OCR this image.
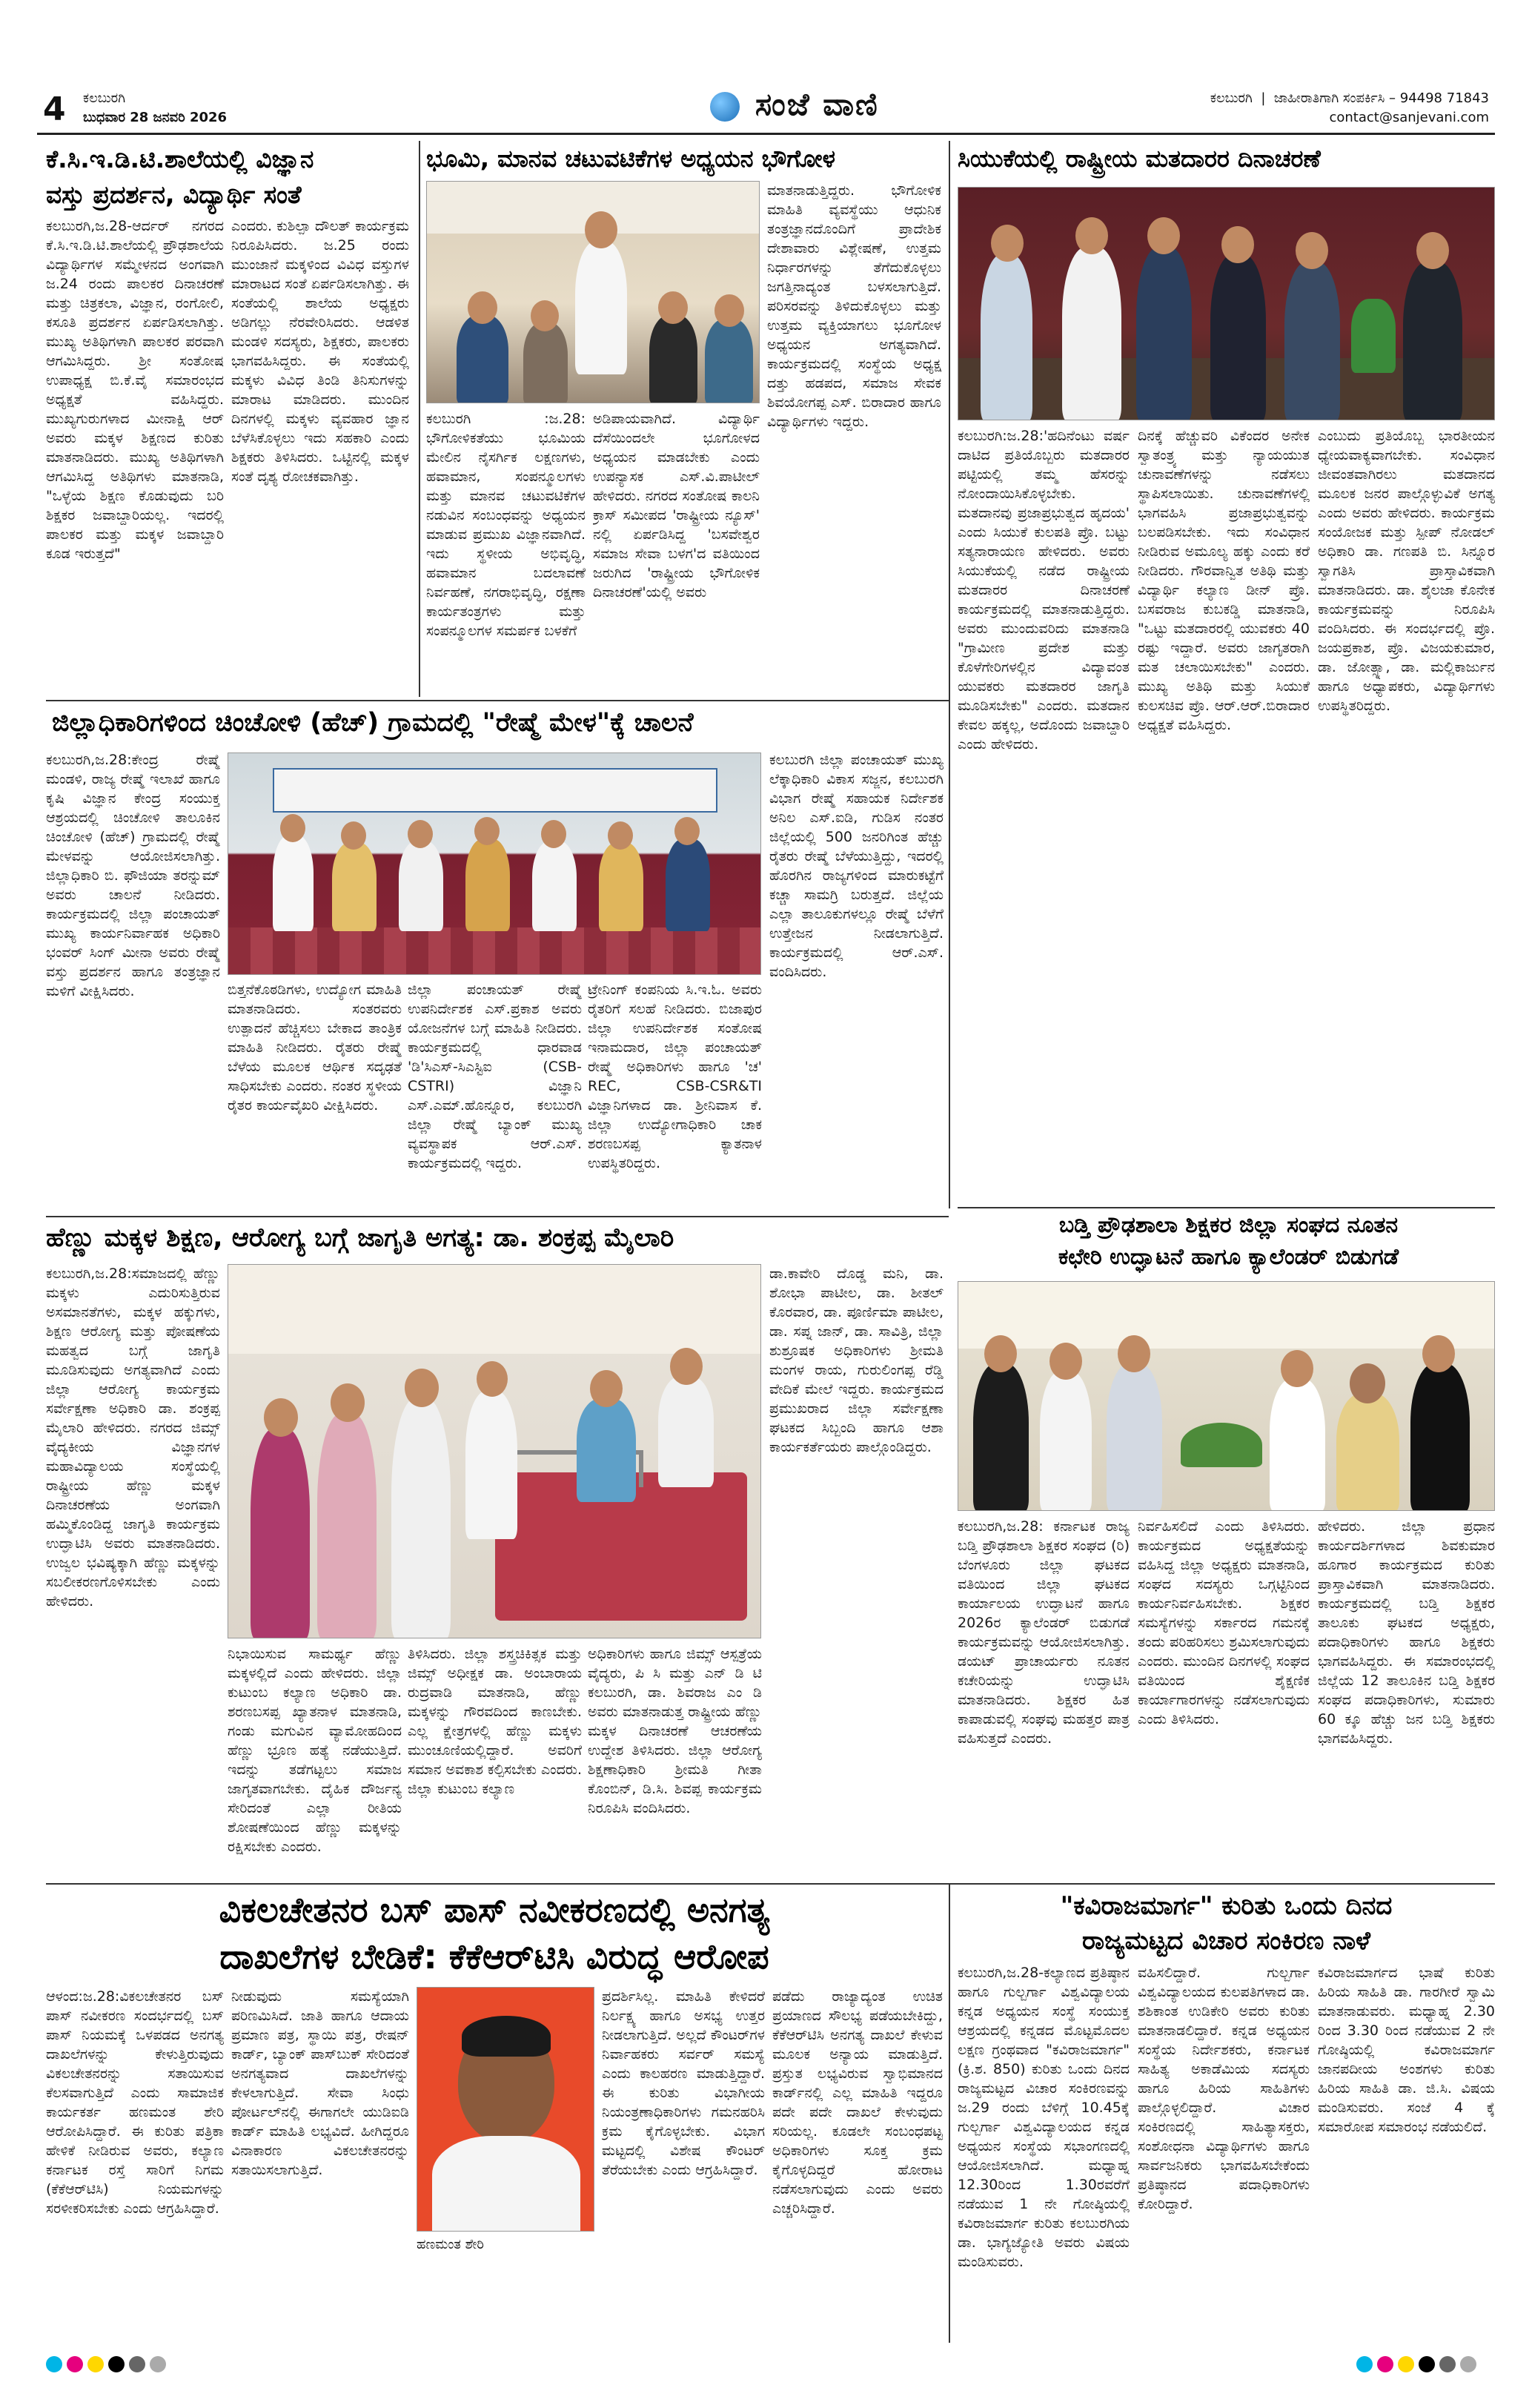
4 ಕಲಬುರಗಿ
ಬುಧವಾರ 28 ಜನವರಿ 2026	ಸಂಜೆ ವಾಣಿ	ಕಲಬುರಗಿ  |  ಜಾಹೀರಾತಿಗಾಗಿ ಸಂಪರ್ಕಿಸಿ – 94498 71843
contact@sanjevani.com
ಕೆ.ಸಿ.ಇ.ಡಿ.ಟಿ.ಶಾಲೆಯಲ್ಲಿ ವಿಜ್ಞಾನ
ವಸ್ತು ಪ್ರದರ್ಶನ, ವಿದ್ಯಾರ್ಥಿ ಸಂತೆ
ಕಲಬುರಗಿ,ಜ.28-ಆರ್ದರ್ ನಗರದ ಕೆ.ಸಿ.ಇ.ಡಿ.ಟಿ.ಶಾಲೆಯಲ್ಲಿ ಪ್ರೌಢಶಾಲೆಯ ವಿದ್ಯಾರ್ಥಿಗಳ ಸಮ್ಮೇಳನದ ಅಂಗವಾಗಿ ಜ.24 ರಂದು ಪಾಲಕರ ದಿನಾಚರಣೆ ಮತ್ತು ಚಿತ್ರಕಲಾ, ವಿಜ್ಞಾನ, ರಂಗೋಲಿ, ಕಸೂತಿ ಪ್ರದರ್ಶನ ಏರ್ಪಡಿಸಲಾಗಿತ್ತು. ಮುಖ್ಯ ಅತಿಥಿಗಳಾಗಿ ಪಾಲಕರ ಪರವಾಗಿ ಆಗಮಿಸಿದ್ದರು. ಶ್ರೀ ಸಂತೋಷ ಉಪಾಧ್ಯಕ್ಷ ಬಿ.ಕೆ.ವೈ ಸಮಾರಂಭದ ಅಧ್ಯಕ್ಷತೆ ವಹಿಸಿದ್ದರು. ಮುಖ್ಯಗುರುಗಳಾದ ಮೀನಾಕ್ಷಿ ಆರ್ ಅವರು ಮಕ್ಕಳ ಶಿಕ್ಷಣದ ಕುರಿತು ಮಾತನಾಡಿದರು. ಮುಖ್ಯ ಅತಿಥಿಗಳಾಗಿ ಆಗಮಿಸಿದ್ದ ಅತಿಥಿಗಳು ಮಾತನಾಡಿ, "ಒಳ್ಳೆಯ ಶಿಕ್ಷಣ ಕೊಡುವುದು ಬರಿ ಶಿಕ್ಷಕರ ಜವಾಬ್ದಾರಿಯಲ್ಲ. ಇದರಲ್ಲಿ ಪಾಲಕರ ಮತ್ತು ಮಕ್ಕಳ ಜವಾಬ್ದಾರಿ ಕೂಡ ಇರುತ್ತದೆ"
ಎಂದರು. ಕುಶಿಲ್ಪಾ ದೌಲತ್ ಕಾರ್ಯಕ್ರಮ ನಿರೂಪಿಸಿದರು. ಜ.25 ರಂದು ಮುಂಜಾನೆ ಮಕ್ಕಳಿಂದ ವಿವಿಧ ವಸ್ತುಗಳ ಮಾರಾಟದ ಸಂತೆ ಏರ್ಪಡಿಸಲಾಗಿತ್ತು. ಈ ಸಂತೆಯಲ್ಲಿ ಶಾಲೆಯ ಅಧ್ಯಕ್ಷರು ಅಡಿಗಲ್ಲು ನೆರವೇರಿಸಿದರು. ಆಡಳಿತ ಮಂಡಳಿ ಸದಸ್ಯರು, ಶಿಕ್ಷಕರು, ಪಾಲಕರು ಭಾಗವಹಿಸಿದ್ದರು. ಈ ಸಂತೆಯಲ್ಲಿ ಮಕ್ಕಳು ವಿವಿಧ ತಿಂಡಿ ತಿನಿಸುಗಳನ್ನು ಮಾರಾಟ ಮಾಡಿದರು. ಮುಂದಿನ ದಿನಗಳಲ್ಲಿ ಮಕ್ಕಳು ವ್ಯವಹಾರ ಜ್ಞಾನ ಬೆಳೆಸಿಕೊಳ್ಳಲು ಇದು ಸಹಕಾರಿ ಎಂದು ಶಿಕ್ಷಕರು ತಿಳಿಸಿದರು. ಒಟ್ಟಿನಲ್ಲಿ ಮಕ್ಕಳ ಸಂತೆ ದೃಶ್ಯ ರೋಚಕವಾಗಿತ್ತು.
ಭೂಮಿ, ಮಾನವ ಚಟುವಟಿಕೆಗಳ ಅಧ್ಯಯನ ಭೌಗೋಳ
ಕಲಬುರಗಿ :ಜ.28: ಭೌಗೋಳಿಕತೆಯು ಭೂಮಿಯ ಮೇಲಿನ ನೈಸರ್ಗಿಕ ಲಕ್ಷಣಗಳು, ಹವಾಮಾನ, ಸಂಪನ್ಮೂಲಗಳು ಮತ್ತು ಮಾನವ ಚಟುವಟಿಕೆಗಳ ನಡುವಿನ ಸಂಬಂಧವನ್ನು ಅಧ್ಯಯನ ಮಾಡುವ ಪ್ರಮುಖ ವಿಜ್ಞಾನವಾಗಿದೆ. ಇದು ಸ್ಥಳೀಯ ಅಭಿವೃದ್ಧಿ, ಹವಾಮಾನ ಬದಲಾವಣೆ ನಿರ್ವಹಣೆ, ನಗರಾಭಿವೃದ್ಧಿ, ರಕ್ಷಣಾ ಕಾರ್ಯತಂತ್ರಗಳು ಮತ್ತು ಸಂಪನ್ಮೂಲಗಳ ಸಮರ್ಪಕ ಬಳಕೆಗೆ
ಅಡಿಪಾಯವಾಗಿದೆ. ವಿದ್ಯಾರ್ಥಿ ದೆಸೆಯಿಂದಲೇ ಭೂಗೋಳದ ಅಧ್ಯಯನ ಮಾಡಬೇಕು ಎಂದು ಉಪನ್ಯಾಸಕ ಎಸ್.ವಿ.ಪಾಟೀಲ್ ಹೇಳಿದರು. ನಗರದ ಸಂತೋಷ ಕಾಲನಿ ಕ್ರಾಸ್ ಸಮೀಪದ 'ರಾಷ್ಟ್ರೀಯ ನ್ಯೂಸ್' ನಲ್ಲಿ ಏರ್ಪಡಿಸಿದ್ದ 'ಬಸವೇಶ್ವರ ಸಮಾಜ ಸೇವಾ ಬಳಗ'ದ ವತಿಯಿಂದ ಜರುಗಿದ 'ರಾಷ್ಟ್ರೀಯ ಭೌಗೋಳಿಕ ದಿನಾಚರಣೆ'ಯಲ್ಲಿ ಅವರು
ಮಾತನಾಡುತ್ತಿದ್ದರು. ಭೌಗೋಳಿಕ ಮಾಹಿತಿ ವ್ಯವಸ್ಥೆಯು ಆಧುನಿಕ ತಂತ್ರಜ್ಞಾನದೊಂದಿಗೆ ಪ್ರಾದೇಶಿಕ ದೇಶಾವಾರು ವಿಶ್ಲೇಷಣೆ, ಉತ್ತಮ ನಿರ್ಧಾರಗಳನ್ನು ತೆಗೆದುಕೊಳ್ಳಲು ಜಗತ್ತಿನಾದ್ಯಂತ ಬಳಸಲಾಗುತ್ತಿದೆ. ಪರಿಸರವನ್ನು ತಿಳಿದುಕೊಳ್ಳಲು ಮತ್ತು ಉತ್ತಮ ವ್ಯಕ್ತಿಯಾಗಲು ಭೂಗೋಳ ಅಧ್ಯಯನ ಅಗತ್ಯವಾಗಿದೆ. ಕಾರ್ಯಕ್ರಮದಲ್ಲಿ ಸಂಸ್ಥೆಯ ಅಧ್ಯಕ್ಷ ದತ್ತು ಹಡಪದ, ಸಮಾಜ ಸೇವಕ ಶಿವಯೋಗಪ್ಪ ಎಸ್. ಬಿರಾದಾರ ಹಾಗೂ ವಿದ್ಯಾರ್ಥಿಗಳು ಇದ್ದರು.
ಸಿಯುಕೆಯಲ್ಲಿ ರಾಷ್ಟ್ರೀಯ ಮತದಾರರ ದಿನಾಚರಣೆ
ಕಲಬುರಗಿ:ಜ.28:'ಹದಿನೆಂಟು ವರ್ಷ ದಾಟಿದ ಪ್ರತಿಯೊಬ್ಬರು ಮತದಾರರ ಪಟ್ಟಿಯಲ್ಲಿ ತಮ್ಮ ಹೆಸರನ್ನು ನೋಂದಾಯಿಸಿಕೊಳ್ಳಬೇಕು. ಮತದಾನವು ಪ್ರಜಾಪ್ರಭುತ್ವದ ಹೃದಯ' ಎಂದು ಸಿಯುಕೆ ಕುಲಪತಿ ಪ್ರೊ. ಬಟ್ಟು ಸತ್ಯನಾರಾಯಣ ಹೇಳಿದರು. ಅವರು ಸಿಯುಕೆಯಲ್ಲಿ ನಡೆದ ರಾಷ್ಟ್ರೀಯ ಮತದಾರರ ದಿನಾಚರಣೆ ಕಾರ್ಯಕ್ರಮದಲ್ಲಿ ಮಾತನಾಡುತ್ತಿದ್ದರು. ಅವರು ಮುಂದುವರಿದು ಮಾತನಾಡಿ "ಗ್ರಾಮೀಣ ಪ್ರದೇಶ ಮತ್ತು ಕೊಳೆಗೇರಿಗಳಲ್ಲಿನ ವಿದ್ಯಾವಂತ ಯುವಕರು ಮತದಾರರ ಜಾಗೃತಿ ಮೂಡಿಸಬೇಕು" ಎಂದರು. ಮತದಾನ ಕೇವಲ ಹಕ್ಕಲ್ಲ, ಅದೊಂದು ಜವಾಬ್ದಾರಿ ಎಂದು ಹೇಳಿದರು.
ದಿನಕ್ಕೆ ಹೆಚ್ಚುವರಿ ವಿಕೆಂದರ ಅನೇಕ ಸ್ವಾತಂತ್ರ್ಯ ಮತ್ತು ನ್ಯಾಯಯುತ ಚುನಾವಣೆಗಳನ್ನು ನಡೆಸಲು ಸ್ಥಾಪಿಸಲಾಯಿತು. ಚುನಾವಣೆಗಳಲ್ಲಿ ಭಾಗವಹಿಸಿ ಪ್ರಜಾಪ್ರಭುತ್ವವನ್ನು ಬಲಪಡಿಸಬೇಕು. ಇದು ಸಂವಿಧಾನ ನೀಡಿರುವ ಅಮೂಲ್ಯ ಹಕ್ಕು ಎಂದು ಕರೆ ನೀಡಿದರು. ಗೌರವಾನ್ವಿತ ಅತಿಥಿ ಮತ್ತು ವಿದ್ಯಾರ್ಥಿ ಕಲ್ಯಾಣ ಡೀನ್ ಪ್ರೊ. ಬಸವರಾಜ ಕುಬಕಡ್ಡಿ ಮಾತನಾಡಿ, "ಒಟ್ಟು ಮತದಾರರಲ್ಲಿ ಯುವಕರು 40 ರಷ್ಟು ಇದ್ದಾರೆ. ಅವರು ಜಾಗೃತರಾಗಿ ಮತ ಚಲಾಯಿಸಬೇಕು" ಎಂದರು. ಮುಖ್ಯ ಅತಿಥಿ ಮತ್ತು ಸಿಯುಕೆ ಕುಲಸಚಿವ ಪ್ರೊ. ಆರ್.ಆರ್.ಬಿರಾದಾರ ಅಧ್ಯಕ್ಷತೆ ವಹಿಸಿದ್ದರು.
ಎಂಬುದು ಪ್ರತಿಯೊಬ್ಬ ಭಾರತೀಯನ ಧ್ಯೇಯವಾಕ್ಯವಾಗಬೇಕು. ಸಂವಿಧಾನ ಜೀವಂತವಾಗಿರಲು ಮತದಾನದ ಮೂಲಕ ಜನರ ಪಾಲ್ಗೊಳ್ಳುವಿಕೆ ಅಗತ್ಯ ಎಂದು ಅವರು ಹೇಳಿದರು. ಕಾರ್ಯಕ್ರಮ ಸಂಯೋಜಕ ಮತ್ತು ಸ್ಪೀಪ್ ನೋಡಲ್ ಅಧಿಕಾರಿ ಡಾ. ಗಣಪತಿ ಬಿ. ಸಿನ್ನೂರ ಸ್ವಾಗತಿಸಿ ಪ್ರಾಸ್ತಾವಿಕವಾಗಿ ಮಾತನಾಡಿದರು. ಡಾ. ಶೈಲಜಾ ಕೊನೇಕ ಕಾರ್ಯಕ್ರಮವನ್ನು ನಿರೂಪಿಸಿ ವಂದಿಸಿದರು. ಈ ಸಂದರ್ಭದಲ್ಲಿ ಪ್ರೊ. ಜಯಪ್ರಕಾಶ, ಪ್ರೊ. ವಿಜಯಕುಮಾರ, ಡಾ. ಜೋತ್ಸ್ನಾ, ಡಾ. ಮಲ್ಲಿಕಾರ್ಜುನ ಹಾಗೂ ಅಧ್ಯಾಪಕರು, ವಿದ್ಯಾರ್ಥಿಗಳು ಉಪಸ್ಥಿತರಿದ್ದರು.
ಜಿಲ್ಲಾಧಿಕಾರಿಗಳಿಂದ ಚಿಂಚೋಳಿ (ಹೆಚ್) ಗ್ರಾಮದಲ್ಲಿ "ರೇಷ್ಮೆ ಮೇಳ"ಕ್ಕೆ ಚಾಲನೆ
ಕಲಬುರಗಿ,ಜ.28:ಕೇಂದ್ರ ರೇಷ್ಮೆ ಮಂಡಳಿ, ರಾಜ್ಯ ರೇಷ್ಮೆ ಇಲಾಖೆ ಹಾಗೂ ಕೃಷಿ ವಿಜ್ಞಾನ ಕೇಂದ್ರ ಸಂಯುಕ್ತ ಆಶ್ರಯದಲ್ಲಿ ಚಿಂಚೋಳಿ ತಾಲೂಕಿನ ಚಿಂಚೋಳಿ (ಹೆಚ್) ಗ್ರಾಮದಲ್ಲಿ ರೇಷ್ಮೆ ಮೇಳವನ್ನು ಆಯೋಜಿಸಲಾಗಿತ್ತು. ಜಿಲ್ಲಾಧಿಕಾರಿ ಬಿ. ಫೌಜಿಯಾ ತರನ್ನುಮ್ ಅವರು ಚಾಲನೆ ನೀಡಿದರು. ಕಾರ್ಯಕ್ರಮದಲ್ಲಿ ಜಿಲ್ಲಾ ಪಂಚಾಯತ್ ಮುಖ್ಯ ಕಾರ್ಯನಿರ್ವಾಹಕ ಅಧಿಕಾರಿ ಭಂವರ್ ಸಿಂಗ್ ಮೀನಾ ಅವರು ರೇಷ್ಮೆ ವಸ್ತು ಪ್ರದರ್ಶನ ಹಾಗೂ ತಂತ್ರಜ್ಞಾನ ಮಳಿಗೆ ವೀಕ್ಷಿಸಿದರು.	ಬಿತ್ತನೆಕೊಠಡಿಗಳು, ಉದ್ಯೋಗ ಮಾಹಿತಿ ಮಾತನಾಡಿದರು. ಸಂತರವರು ಉತ್ಪಾದನೆ ಹೆಚ್ಚಿಸಲು ಬೇಕಾದ ತಾಂತ್ರಿಕ ಮಾಹಿತಿ ನೀಡಿದರು. ರೈತರು ರೇಷ್ಮೆ ಬೆಳೆಯ ಮೂಲಕ ಆರ್ಥಿಕ ಸದೃಢತೆ ಸಾಧಿಸಬೇಕು ಎಂದರು. ನಂತರ ಸ್ಥಳೀಯ ರೈತರ ಕಾರ್ಯವೈಖರಿ ವೀಕ್ಷಿಸಿದರು.
ಜಿಲ್ಲಾ ಪಂಚಾಯತ್ ರೇಷ್ಮೆ ಉಪನಿರ್ದೇಶಕ ಎಸ್.ಪ್ರಕಾಶ ಅವರು ಯೋಜನೆಗಳ ಬಗ್ಗೆ ಮಾಹಿತಿ ನೀಡಿದರು. ಕಾರ್ಯಕ್ರಮದಲ್ಲಿ ಧಾರವಾಡ 'ಡಿ'ಸಿಎಸ್-ಸಿಎಸ್ಟಿಐ (CSB-CSTRI) ವಿಜ್ಞಾನಿ ಎಸ್.ಎಮ್.ಹೊನ್ನೂರ, ಕಲಬುರಗಿ ಜಿಲ್ಲಾ ರೇಷ್ಮೆ ಬ್ಯಾಂಕ್ ಮುಖ್ಯ ವ್ಯವಸ್ಥಾಪಕ ಆರ್.ಎಸ್. ಕಾರ್ಯಕ್ರಮದಲ್ಲಿ ಇದ್ದರು.
ಟ್ರೇನಿಂಗ್ ಕಂಪನಿಯ ಸಿ.ಇ.ಓ. ಅವರು ರೈತರಿಗೆ ಸಲಹೆ ನೀಡಿದರು. ಬಿಜಾಪುರ ಜಿಲ್ಲಾ ಉಪನಿರ್ದೇಶಕ ಸಂತೋಷ ಇನಾಮದಾರ, ಜಿಲ್ಲಾ ಪಂಚಾಯತ್ ರೇಷ್ಮೆ ಅಧಿಕಾರಿಗಳು ಹಾಗೂ 'ಚ' REC, CSB-CSR&TI ವಿಜ್ಞಾನಿಗಳಾದ ಡಾ. ಶ್ರೀನಿವಾಸ ಕೆ. ಜಿಲ್ಲಾ ಉದ್ಯೋಗಾಧಿಕಾರಿ ಚಾಕ ಶರಣಬಸಪ್ಪ ಕ್ಯಾತನಾಳ ಉಪಸ್ಥಿತರಿದ್ದರು.
ಕಲಬುರಗಿ ಜಿಲ್ಲಾ ಪಂಚಾಯತ್ ಮುಖ್ಯ ಲೆಕ್ಕಾಧಿಕಾರಿ ವಿಕಾಸ ಸಜ್ಜನ, ಕಲಬುರಗಿ ವಿಭಾಗ ರೇಷ್ಮೆ ಸಹಾಯಕ ನಿರ್ದೇಶಕ ಅನಿಲ ಎಸ್.ಐಡಿ, ಗುಡಿಸ ನಂತರ ಜಿಲ್ಲೆಯಲ್ಲಿ 500 ಜನರಿಗಿಂತ ಹೆಚ್ಚು ರೈತರು ರೇಷ್ಮೆ ಬೆಳೆಯುತ್ತಿದ್ದು, ಇದರಲ್ಲಿ ಹೊರಗಿನ ರಾಜ್ಯಗಳಿಂದ ಮಾರುಕಟ್ಟೆಗೆ ಕಚ್ಚಾ ಸಾಮಗ್ರಿ ಬರುತ್ತದೆ. ಜಿಲ್ಲೆಯ ಎಲ್ಲಾ ತಾಲೂಕುಗಳಲ್ಲೂ ರೇಷ್ಮೆ ಬೆಳೆಗೆ ಉತ್ತೇಜನ ನೀಡಲಾಗುತ್ತಿದೆ. ಕಾರ್ಯಕ್ರಮದಲ್ಲಿ ಆರ್.ಎಸ್. ವಂದಿಸಿದರು.
ಬಡ್ತಿ ಪ್ರೌಢಶಾಲಾ ಶಿಕ್ಷಕರ ಜಿಲ್ಲಾ ಸಂಘದ ನೂತನ
ಕಛೇರಿ ಉದ್ಘಾಟನೆ ಹಾಗೂ ಕ್ಯಾಲೆಂಡರ್ ಬಿಡುಗಡೆ
ಕಲಬುರಗಿ,ಜ.28: ಕರ್ನಾಟಕ ರಾಜ್ಯ ಬಡ್ತಿ ಪ್ರೌಢಶಾಲಾ ಶಿಕ್ಷಕರ ಸಂಘದ (ರಿ) ಬೆಂಗಳೂರು ಜಿಲ್ಲಾ ಘಟಕದ ವತಿಯಿಂದ ಜಿಲ್ಲಾ ಘಟಕದ ಕಾರ್ಯಾಲಯ ಉದ್ಘಾಟನೆ ಹಾಗೂ 2026ರ ಕ್ಯಾಲೆಂಡರ್ ಬಿಡುಗಡೆ ಕಾರ್ಯಕ್ರಮವನ್ನು ಆಯೋಜಿಸಲಾಗಿತ್ತು. ಡಯಟ್ ಪ್ರಾಚಾರ್ಯರು ನೂತನ ಕಚೇರಿಯನ್ನು ಉದ್ಘಾಟಿಸಿ ಮಾತನಾಡಿದರು. ಶಿಕ್ಷಕರ ಹಿತ ಕಾಪಾಡುವಲ್ಲಿ ಸಂಘವು ಮಹತ್ತರ ಪಾತ್ರ ವಹಿಸುತ್ತದೆ ಎಂದರು.
ನಿರ್ವಹಿಸಲಿದೆ ಎಂದು ತಿಳಿಸಿದರು. ಕಾರ್ಯಕ್ರಮದ ಅಧ್ಯಕ್ಷತೆಯನ್ನು ವಹಿಸಿದ್ದ ಜಿಲ್ಲಾ ಅಧ್ಯಕ್ಷರು ಮಾತನಾಡಿ, ಸಂಘದ ಸದಸ್ಯರು ಒಗ್ಗಟ್ಟಿನಿಂದ ಕಾರ್ಯನಿರ್ವಹಿಸಬೇಕು. ಶಿಕ್ಷಕರ ಸಮಸ್ಯೆಗಳನ್ನು ಸರ್ಕಾರದ ಗಮನಕ್ಕೆ ತಂದು ಪರಿಹರಿಸಲು ಶ್ರಮಿಸಲಾಗುವುದು ಎಂದರು. ಮುಂದಿನ ದಿನಗಳಲ್ಲಿ ಸಂಘದ ವತಿಯಿಂದ ಶೈಕ್ಷಣಿಕ ಕಾರ್ಯಾಗಾರಗಳನ್ನು ನಡೆಸಲಾಗುವುದು ಎಂದು ತಿಳಿಸಿದರು.
ಹೇಳಿದರು. ಜಿಲ್ಲಾ ಪ್ರಧಾನ ಕಾರ್ಯದರ್ಶಿಗಳಾದ ಶಿವಕುಮಾರ ಹೂಗಾರ ಕಾರ್ಯಕ್ರಮದ ಕುರಿತು ಪ್ರಾಸ್ತಾವಿಕವಾಗಿ ಮಾತನಾಡಿದರು. ಕಾರ್ಯಕ್ರಮದಲ್ಲಿ ಬಡ್ತಿ ಶಿಕ್ಷಕರ ತಾಲೂಕು ಘಟಕದ ಅಧ್ಯಕ್ಷರು, ಪದಾಧಿಕಾರಿಗಳು ಹಾಗೂ ಶಿಕ್ಷಕರು ಭಾಗವಹಿಸಿದ್ದರು. ಈ ಸಮಾರಂಭದಲ್ಲಿ ಜಿಲ್ಲೆಯ 12 ತಾಲೂಕಿನ ಬಡ್ತಿ ಶಿಕ್ಷಕರ ಸಂಘದ ಪದಾಧಿಕಾರಿಗಳು, ಸುಮಾರು 60 ಕ್ಕೂ ಹೆಚ್ಚು ಜನ ಬಡ್ತಿ ಶಿಕ್ಷಕರು ಭಾಗವಹಿಸಿದ್ದರು.
ಹೆಣ್ಣು ಮಕ್ಕಳ ಶಿಕ್ಷಣ, ಆರೋಗ್ಯ ಬಗ್ಗೆ ಜಾಗೃತಿ ಅಗತ್ಯ: ಡಾ. ಶಂಕ್ರಪ್ಪ ಮೈಲಾರಿ
ಕಲಬುರಗಿ,ಜ.28:ಸಮಾಜದಲ್ಲಿ ಹೆಣ್ಣು ಮಕ್ಕಳು ಎದುರಿಸುತ್ತಿರುವ ಅಸಮಾನತೆಗಳು, ಮಕ್ಕಳ ಹಕ್ಕುಗಳು, ಶಿಕ್ಷಣ ಆರೋಗ್ಯ ಮತ್ತು ಪೋಷಣೆಯ ಮಹತ್ವದ ಬಗ್ಗೆ ಜಾಗೃತಿ ಮೂಡಿಸುವುದು ಅಗತ್ಯವಾಗಿದೆ ಎಂದು ಜಿಲ್ಲಾ ಆರೋಗ್ಯ ಕಾರ್ಯಕ್ರಮ ಸರ್ವೇಕ್ಷಣಾ ಅಧಿಕಾರಿ ಡಾ. ಶಂಕ್ರಪ್ಪ ಮೈಲಾರಿ ಹೇಳಿದರು. ನಗರದ ಜಿಮ್ಸ್ ವೈದ್ಯಕೀಯ ವಿಜ್ಞಾನಗಳ ಮಹಾವಿದ್ಯಾಲಯ ಸಂಸ್ಥೆಯಲ್ಲಿ ರಾಷ್ಟ್ರೀಯ ಹೆಣ್ಣು ಮಕ್ಕಳ ದಿನಾಚರಣೆಯ ಅಂಗವಾಗಿ ಹಮ್ಮಿಕೊಂಡಿದ್ದ ಜಾಗೃತಿ ಕಾರ್ಯಕ್ರಮ ಉದ್ಘಾಟಿಸಿ ಅವರು ಮಾತನಾಡಿದರು. ಉಜ್ವಲ ಭವಿಷ್ಯಕ್ಕಾಗಿ ಹೆಣ್ಣು ಮಕ್ಕಳನ್ನು ಸಬಲೀಕರಣಗೊಳಿಸಬೇಕು ಎಂದು ಹೇಳಿದರು.
ನಿಭಾಯಿಸುವ ಸಾಮರ್ಥ್ಯ ಹೆಣ್ಣು ಮಕ್ಕಳಲ್ಲಿದೆ ಎಂದು ಹೇಳಿದರು. ಜಿಲ್ಲಾ ಕುಟುಂಬ ಕಲ್ಯಾಣ ಅಧಿಕಾರಿ ಡಾ. ಶರಣಬಸಪ್ಪ ಖ್ಯಾತನಾಳ ಮಾತನಾಡಿ, ಗಂಡು ಮಗುವಿನ ವ್ಯಾಮೋಹದಿಂದ ಹೆಣ್ಣು ಭ್ರೂಣ ಹತ್ಯೆ ನಡೆಯುತ್ತಿದೆ. ಇದನ್ನು ತಡೆಗಟ್ಟಲು ಸಮಾಜ ಜಾಗೃತವಾಗಬೇಕು. ದೈಹಿಕ ದೌರ್ಜನ್ಯ ಸೇರಿದಂತೆ ಎಲ್ಲಾ ರೀತಿಯ ಶೋಷಣೆಯಿಂದ ಹೆಣ್ಣು ಮಕ್ಕಳನ್ನು ರಕ್ಷಿಸಬೇಕು ಎಂದರು.
ತಿಳಿಸಿದರು. ಜಿಲ್ಲಾ ಶಸ್ತ್ರಚಿಕಿತ್ಸಕ ಮತ್ತು ಜಿಮ್ಸ್ ಅಧೀಕ್ಷಕ ಡಾ. ಅಂಬಾರಾಯ ರುದ್ರವಾಡಿ ಮಾತನಾಡಿ, ಹೆಣ್ಣು ಮಕ್ಕಳನ್ನು ಗೌರವದಿಂದ ಕಾಣಬೇಕು. ಎಲ್ಲ ಕ್ಷೇತ್ರಗಳಲ್ಲಿ ಹೆಣ್ಣು ಮಕ್ಕಳು ಮುಂಚೂಣಿಯಲ್ಲಿದ್ದಾರೆ. ಅವರಿಗೆ ಸಮಾನ ಅವಕಾಶ ಕಲ್ಪಿಸಬೇಕು ಎಂದರು. ಜಿಲ್ಲಾ ಕುಟುಂಬ ಕಲ್ಯಾಣ
ಅಧಿಕಾರಿಗಳು ಹಾಗೂ ಜಿಮ್ಸ್ ಆಸ್ಪತ್ರೆಯ ವೈದ್ಯರು, ಪಿ ಸಿ ಮತ್ತು ಎನ್ ಡಿ ಟಿ ಕಲಬುರಗಿ, ಡಾ. ಶಿವರಾಜ ಎಂ ಡಿ ಅವರು ಮಾತನಾಡುತ್ತ ರಾಷ್ಟ್ರೀಯ ಹೆಣ್ಣು ಮಕ್ಕಳ ದಿನಾಚರಣೆ ಆಚರಣೆಯ ಉದ್ದೇಶ ತಿಳಿಸಿದರು. ಜಿಲ್ಲಾ ಆರೋಗ್ಯ ಶಿಕ್ಷಣಾಧಿಕಾರಿ ಶ್ರೀಮತಿ ಗೀತಾ ಕೊಂಬಿನ್, ಡಿ.ಸಿ. ಶಿವಪ್ಪ ಕಾರ್ಯಕ್ರಮ ನಿರೂಪಿಸಿ ವಂದಿಸಿದರು.
ಡಾ.ಕಾವೇರಿ ದೊಡ್ಡ ಮನಿ, ಡಾ. ಶೋಭಾ ಪಾಟೀಲ, ಡಾ. ಶೀತಲ್ ಕೊರವಾರ, ಡಾ. ಪೂರ್ಣಿಮಾ ಪಾಟೀಲ, ಡಾ. ಸಪ್ನ ಜಾನ್, ಡಾ. ಸಾವಿತ್ರಿ, ಜಿಲ್ಲಾ ಶುಶ್ರೂಷಕ ಅಧಿಕಾರಿಗಳು ಶ್ರೀಮತಿ ಮಂಗಳ ರಾಯ, ಗುರುಲಿಂಗಪ್ಪ ರೆಡ್ಡಿ ವೇದಿಕೆ ಮೇಲೆ ಇದ್ದರು. ಕಾರ್ಯಕ್ರಮದ ಪ್ರಮುಖರಾದ ಜಿಲ್ಲಾ ಸರ್ವೇಕ್ಷಣಾ ಘಟಕದ ಸಿಬ್ಬಂದಿ ಹಾಗೂ ಆಶಾ ಕಾರ್ಯಕರ್ತೆಯರು ಪಾಲ್ಗೊಂಡಿದ್ದರು.
ವಿಕಲಚೇತನರ ಬಸ್ ಪಾಸ್ ನವೀಕರಣದಲ್ಲಿ ಅನಗತ್ಯ
ದಾಖಲೆಗಳ ಬೇಡಿಕೆ: ಕೆಕೆಆರ್‌ಟಿಸಿ ವಿರುದ್ಧ ಆರೋಪ
ಆಳಂದ:ಜ.28:ವಿಕಲಚೇತನರ ಬಸ್ ಪಾಸ್ ನವೀಕರಣ ಸಂದರ್ಭದಲ್ಲಿ ಬಸ್ ಪಾಸ್ ನಿಯಮಕ್ಕೆ ಒಳಪಡದ ಅನಗತ್ಯ ದಾಖಲೆಗಳನ್ನು ಕೇಳುತ್ತಿರುವುದು ವಿಕಲಚೇತನರನ್ನು ಸತಾಯಿಸುವ ಕೆಲಸವಾಗುತ್ತಿದೆ ಎಂದು ಸಾಮಾಜಿಕ ಕಾರ್ಯಕರ್ತ ಹಣಮಂತ ಶೇರಿ ಆರೋಪಿಸಿದ್ದಾರೆ. ಈ ಕುರಿತು ಪತ್ರಿಕಾ ಹೇಳಿಕೆ ನೀಡಿರುವ ಅವರು, ಕಲ್ಯಾಣ ಕರ್ನಾಟಕ ರಸ್ತೆ ಸಾರಿಗೆ ನಿಗಮ (ಕೆಕೆಆರ್‌ಟಿಸಿ) ನಿಯಮಗಳನ್ನು ಸರಳೀಕರಿಸಬೇಕು ಎಂದು ಆಗ್ರಹಿಸಿದ್ದಾರೆ.
ನೀಡುವುದು ಸಮಸ್ಯೆಯಾಗಿ ಪರಿಣಮಿಸಿದೆ. ಜಾತಿ ಹಾಗೂ ಆದಾಯ ಪ್ರಮಾಣ ಪತ್ರ, ಸ್ಥಾಯಿ ಪತ್ರ, ರೇಷನ್ ಕಾರ್ಡ್, ಬ್ಯಾಂಕ್ ಪಾಸ್‌ಬುಕ್ ಸೇರಿದಂತೆ ಅನಗತ್ಯವಾದ ದಾಖಲೆಗಳನ್ನು ಕೇಳಲಾಗುತ್ತಿದೆ. ಸೇವಾ ಸಿಂಧು ಪೋರ್ಟಲ್‌ನಲ್ಲಿ ಈಗಾಗಲೇ ಯುಡಿಐಡಿ ಕಾರ್ಡ್ ಮಾಹಿತಿ ಲಭ್ಯವಿದೆ. ಹೀಗಿದ್ದರೂ ವಿನಾಕಾರಣ ವಿಕಲಚೇತನರನ್ನು ಸತಾಯಿಸಲಾಗುತ್ತಿದೆ.
ಹಣಮಂತ ಶೇರಿ
ಪ್ರದರ್ಶಿಸಿಲ್ಲ. ಮಾಹಿತಿ ಕೇಳಿದರೆ ನಿರ್ಲಕ್ಷ್ಯ ಹಾಗೂ ಅಸಭ್ಯ ಉತ್ತರ ನೀಡಲಾಗುತ್ತಿದೆ. ಅಲ್ಲದೆ ಕೌಂಟರ್‌ಗಳ ನಿರ್ವಾಹಕರು ಸರ್ವರ್ ಸಮಸ್ಯೆ ಎಂದು ಕಾಲಹರಣ ಮಾಡುತ್ತಿದ್ದಾರೆ. ಈ ಕುರಿತು ವಿಭಾಗೀಯ ನಿಯಂತ್ರಣಾಧಿಕಾರಿಗಳು ಗಮನಹರಿಸಿ ಕ್ರಮ ಕೈಗೊಳ್ಳಬೇಕು. ವಿಭಾಗ ಮಟ್ಟದಲ್ಲಿ ವಿಶೇಷ ಕೌಂಟರ್ ತೆರೆಯಬೇಕು ಎಂದು ಆಗ್ರಹಿಸಿದ್ದಾರೆ.
ಪಡೆದು ರಾಜ್ಯಾದ್ಯಂತ ಉಚಿತ ಪ್ರಯಾಣದ ಸೌಲಭ್ಯ ಪಡೆಯಬೇಕಿದ್ದು, ಕೆಕೆಆರ್‌ಟಿಸಿ ಅನಗತ್ಯ ದಾಖಲೆ ಕೇಳುವ ಮೂಲಕ ಅನ್ಯಾಯ ಮಾಡುತ್ತಿದೆ. ಪ್ರಸ್ತುತ ಲಭ್ಯವಿರುವ ಸ್ವಾಭಿಮಾನದ ಕಾರ್ಡ್‌ನಲ್ಲಿ ಎಲ್ಲ ಮಾಹಿತಿ ಇದ್ದರೂ ಪದೇ ಪದೇ ದಾಖಲೆ ಕೇಳುವುದು ಸರಿಯಲ್ಲ. ಕೂಡಲೇ ಸಂಬಂಧಪಟ್ಟ ಅಧಿಕಾರಿಗಳು ಸೂಕ್ತ ಕ್ರಮ ಕೈಗೊಳ್ಳದಿದ್ದರೆ ಹೋರಾಟ ನಡೆಸಲಾಗುವುದು ಎಂದು ಅವರು ಎಚ್ಚರಿಸಿದ್ದಾರೆ.
"ಕವಿರಾಜಮಾರ್ಗ" ಕುರಿತು ಒಂದು ದಿನದ
ರಾಜ್ಯಮಟ್ಟದ ವಿಚಾರ ಸಂಕಿರಣ ನಾಳೆ
ಕಲಬುರಗಿ,ಜ.28-ಕಲ್ಯಾಣದ ಪ್ರತಿಷ್ಠಾನ ಹಾಗೂ ಗುಲ್ಬರ್ಗಾ ವಿಶ್ವವಿದ್ಯಾಲಯ ಕನ್ನಡ ಅಧ್ಯಯನ ಸಂಸ್ಥೆ ಸಂಯುಕ್ತ ಆಶ್ರಯದಲ್ಲಿ ಕನ್ನಡದ ಮೊಟ್ಟಮೊದಲ ಲಕ್ಷಣ ಗ್ರಂಥವಾದ "ಕವಿರಾಜಮಾರ್ಗ" (ಕ್ರಿ.ಶ. 850) ಕುರಿತು ಒಂದು ದಿನದ ರಾಜ್ಯಮಟ್ಟದ ವಿಚಾರ ಸಂಕಿರಣವನ್ನು ಜ.29 ರಂದು ಬೆಳಿಗ್ಗೆ 10.45ಕ್ಕೆ ಗುಲ್ಬರ್ಗಾ ವಿಶ್ವವಿದ್ಯಾಲಯದ ಕನ್ನಡ ಅಧ್ಯಯನ ಸಂಸ್ಥೆಯ ಸಭಾಂಗಣದಲ್ಲಿ ಆಯೋಜಿಸಲಾಗಿದೆ. ಮಧ್ಯಾಹ್ನ 12.30ರಿಂದ 1.30ರವರೆಗೆ ನಡೆಯುವ 1 ನೇ ಗೋಷ್ಠಿಯಲ್ಲಿ ಕವಿರಾಜಮಾರ್ಗ ಕುರಿತು ಕಲಬುರಗಿಯ ಡಾ. ಭಾಗ್ಯಜ್ಯೋತಿ ಅವರು ವಿಷಯ ಮಂಡಿಸುವರು.
ವಹಿಸಲಿದ್ದಾರೆ. ಗುಲ್ಬರ್ಗಾ ವಿಶ್ವವಿದ್ಯಾಲಯದ ಕುಲಪತಿಗಳಾದ ಡಾ. ಶಶಿಕಾಂತ ಉಡಿಕೇರಿ ಅವರು ಕುರಿತು ಮಾತನಾಡಲಿದ್ದಾರೆ. ಕನ್ನಡ ಅಧ್ಯಯನ ಸಂಸ್ಥೆಯ ನಿರ್ದೇಶಕರು, ಕರ್ನಾಟಕ ಸಾಹಿತ್ಯ ಅಕಾಡೆಮಿಯ ಸದಸ್ಯರು ಹಾಗೂ ಹಿರಿಯ ಸಾಹಿತಿಗಳು ಪಾಲ್ಗೊಳ್ಳಲಿದ್ದಾರೆ. ವಿಚಾರ ಸಂಕಿರಣದಲ್ಲಿ ಸಾಹಿತ್ಯಾಸಕ್ತರು, ಸಂಶೋಧನಾ ವಿದ್ಯಾರ್ಥಿಗಳು ಹಾಗೂ ಸಾರ್ವಜನಿಕರು ಭಾಗವಹಿಸಬೇಕೆಂದು ಪ್ರತಿಷ್ಠಾನದ ಪದಾಧಿಕಾರಿಗಳು ಕೋರಿದ್ದಾರೆ.
ಕವಿರಾಜಮಾರ್ಗದ ಭಾಷೆ ಕುರಿತು ಹಿರಿಯ ಸಾಹಿತಿ ಡಾ. ಗಾರಗೀರೆ ಸ್ವಾಮಿ ಮಾತನಾಡುವರು. ಮಧ್ಯಾಹ್ನ 2.30 ರಿಂದ 3.30 ರಿಂದ ನಡೆಯುವ 2 ನೇ ಗೋಷ್ಠಿಯಲ್ಲಿ ಕವಿರಾಜಮಾರ್ಗ ಜಾನಪದೀಯ ಅಂಶಗಳು ಕುರಿತು ಹಿರಿಯ ಸಾಹಿತಿ ಡಾ. ಜಿ.ಸಿ. ವಿಷಯ ಮಂಡಿಸುವರು. ಸಂಜೆ 4 ಕ್ಕೆ ಸಮಾರೋಪ ಸಮಾರಂಭ ನಡೆಯಲಿದೆ.
